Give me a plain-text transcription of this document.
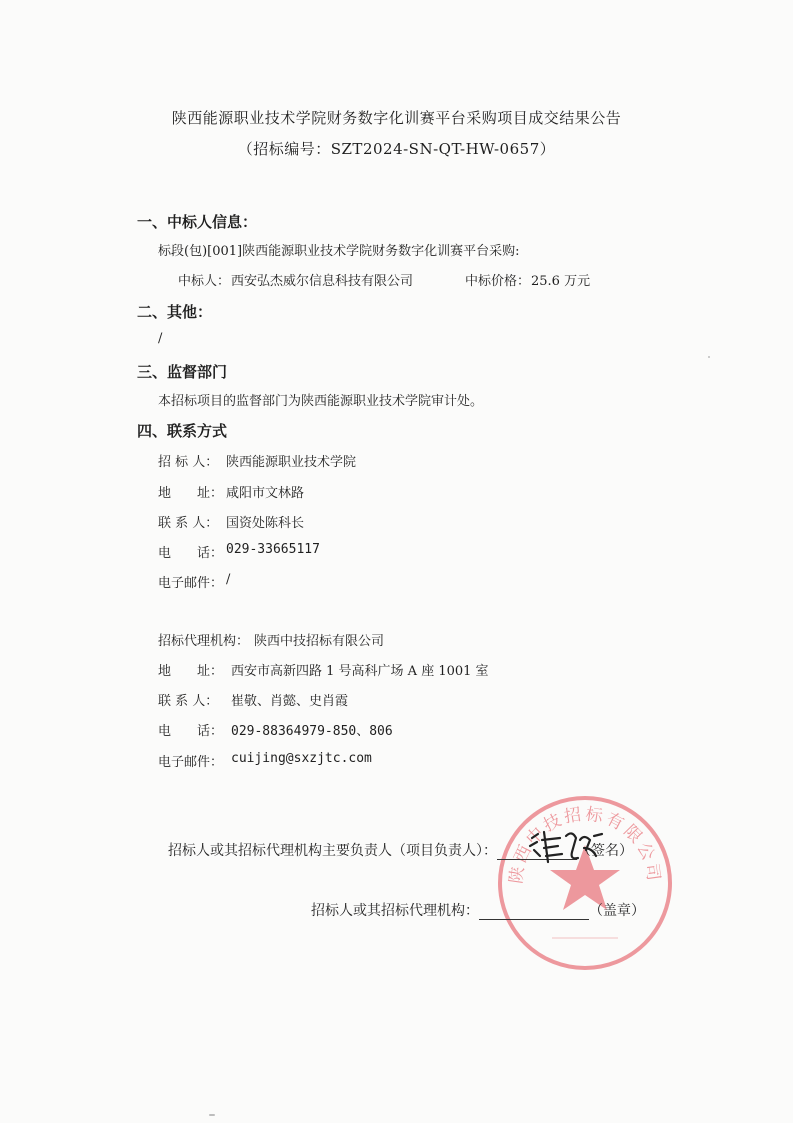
陕西能源职业技术学院财务数字化训赛平台采购项目成交结果公告
（招标编号：SZT2024-SN-QT-HW-0657）
一、中标人信息：
标段(包)[001]陕西能源职业技术学院财务数字化训赛平台采购:
中标人： 西安弘杰威尔信息科技有限公司	中标价格： 25.6 万元
二、其他：
/
三、监督部门
本招标项目的监督部门为陕西能源职业技术学院审计处。
四、联系方式
招 标 人： 陕西能源职业技术学院
地　　址： 咸阳市文林路
联 系 人： 国资处陈科长
电　　话： 029-33665117
电子邮件： /
招标代理机构： 陕西中技招标有限公司
地　　址： 西安市高新四路 1 号高科广场 A 座 1001 室
联 系 人： 崔敬、肖懿、史肖霞
电　　话： 029-88364979-850、806
电子邮件： cuijing@sxzjtc.com
陕西中技招标有限公司
招标人或其招标代理机构主要负责人（项目负责人）：	（签名）
招标人或其招标代理机构：	（盖章）
